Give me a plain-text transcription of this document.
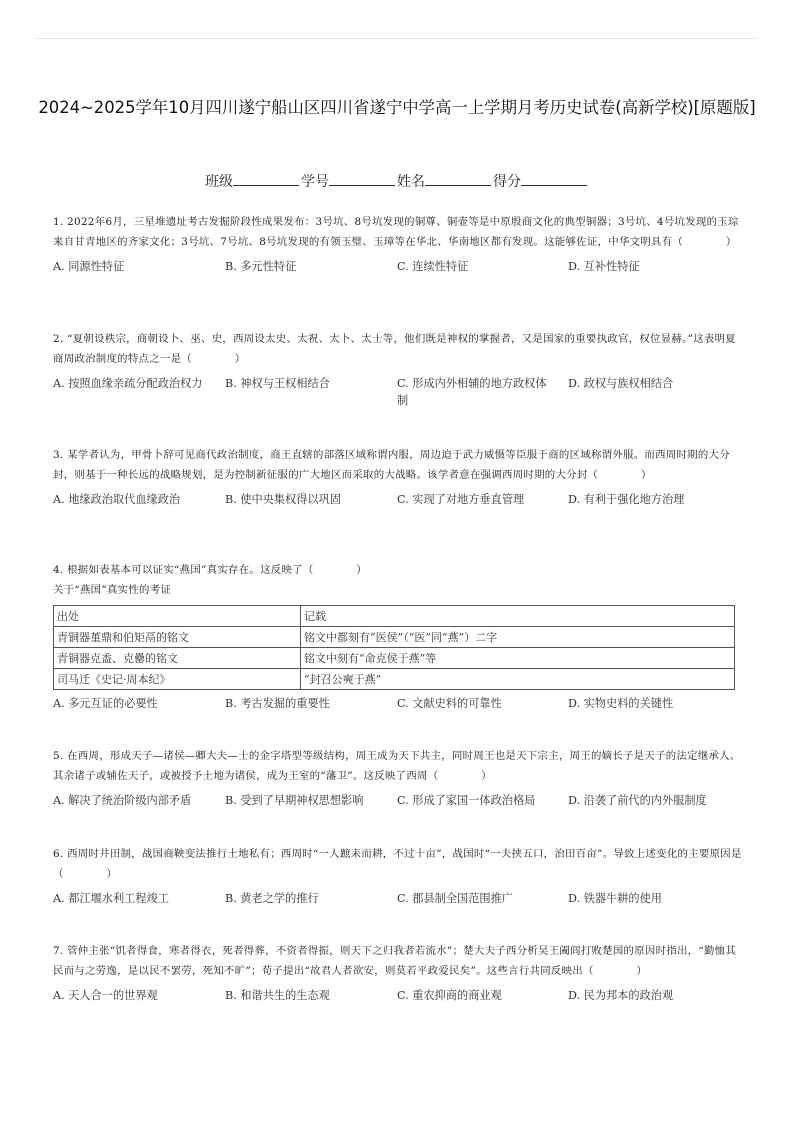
2024~2025学年10月四川遂宁船山区四川省遂宁中学高一上学期月考历史试卷(高新学校)[原题版]
班级	学号	姓名	得分

1. 2022年6月，三星堆遗址考古发掘阶段性成果发布：3号坑、8号坑发现的铜尊、铜壶等是中原殷商文化的典型铜器；3号坑、4号坑发现的玉琮来自甘青地区的齐家文化；3号坑、7号坑、8号坑发现的有领玉璧、玉璋等在华北、华南地区都有发现。这能够佐证，中华文明具有（　　　　）

A. 同源性特征	B. 多元性特征	C. 连续性特征	D. 互补性特征

2. “夏朝设秩宗，商朝设卜、巫、史，西周设太史、太祝、太卜、太士等，他们既是神权的掌握者，又是国家的重要执政官，权位显赫。”这表明夏商周政治制度的特点之一是（　　　　）

A. 按照血缘亲疏分配政治权力 B. 神权与王权相结合	C. 形成内外相辅的地方政权体制
D. 政权与族权相结合

3. 某学者认为，甲骨卜辞可见商代政治制度，商王直辖的部落区域称谓内服，周边迫于武力威慑等臣服于商的区域称谓外服。而西周时期的大分封，则基于一种长远的战略规划，是为控制新征服的广大地区而采取的大战略。该学者意在强调西周时期的大分封（　　　　）

A. 地缘政治取代血缘政治	B. 使中央集权得以巩固	C. 实现了对地方垂直管理	D. 有利于强化地方治理

4. 根据如表基本可以证实“燕国”真实存在。这反映了（　　　　）

关于“燕国”真实性的考证

出处	记载
青铜器堇鼎和伯矩鬲的铭文	铭文中都刻有“医侯”（“医”同“燕”）二字
青铜器克盉、克罍的铭文	铭文中刻有“命克侯于燕”等
司马迁《史记·周本纪》	“封召公奭于燕”
A. 多元互证的必要性	B. 考古发掘的重要性	C. 文献史料的可靠性	D. 实物史料的关键性

5. 在西周，形成天子—诸侯—卿大夫—士的金字塔型等级结构，周王成为天下共主，同时周王也是天下宗主，周王的嫡长子是天子的法定继承人。其余诸子或辅佐天子，或被授予土地为诸侯，成为王室的“藩卫”。这反映了西周（　　　　）

A. 解决了统治阶级内部矛盾	B. 受到了早期神权思想影响	C. 形成了家国一体政治格局	D. 沿袭了前代的内外服制度

6. 西周时井田制，战国商鞅变法推行土地私有；西周时“一人蹠耒而耕，不过十亩”，战国时“一夫挟五口，治田百亩”。导致上述变化的主要原因是（　　　　）

A. 都江堰水利工程竣工	B. 黄老之学的推行	C. 郡县制全国范围推广	D. 铁器牛耕的使用

7. 管仲主张“饥者得食，寒者得衣，死者得葬，不资者得振，则天下之归我者若流水”；楚大夫子西分析吴王阖闾打败楚国的原因时指出，“勤恤其民而与之劳逸，是以民不罢劳，死知不旷”；荀子提出“故君人者欲安，则莫若平政爱民矣”。这些言行共同反映出（　　　　）

A. 天人合一的世界观	B. 和谐共生的生态观	C. 重农抑商的商业观	D. 民为邦本的政治观
